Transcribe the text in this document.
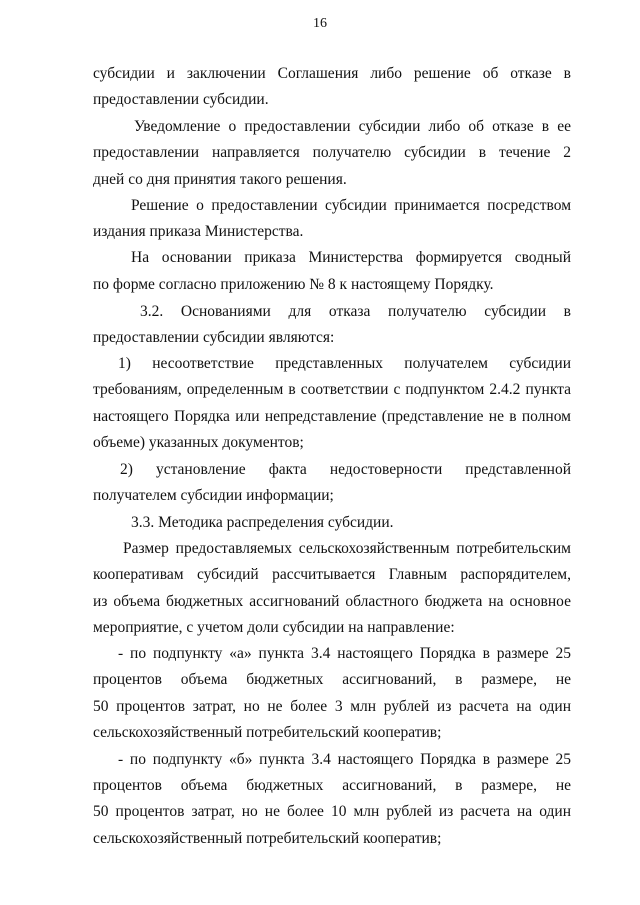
16
субсидии и заключении Соглашения либо решение об отказе в
предоставлении субсидии.
Уведомление о предоставлении субсидии либо об отказе в ее
предоставлении направляется получателю субсидии в течение 2
дней со дня принятия такого решения.
Решение о предоставлении субсидии принимается посредством
издания приказа Министерства.
На основании приказа Министерства формируется сводный
по форме согласно приложению № 8 к настоящему Порядку.
3.2. Основаниями для отказа получателю субсидии в
предоставлении субсидии являются:
1) несоответствие представленных получателем субсидии
требованиям, определенным в соответствии с подпунктом 2.4.2 пункта
настоящего Порядка или непредставление (представление не в полном
объеме) указанных документов;
2) установление факта недостоверности представленной
получателем субсидии информации;
3.3. Методика распределения субсидии.
Размер предоставляемых сельскохозяйственным потребительским
кооперативам субсидий рассчитывается Главным распорядителем,
из объема бюджетных ассигнований областного бюджета на основное
мероприятие, с учетом доли субсидии на направление:
- по подпункту «а» пункта 3.4 настоящего Порядка в размере 25
процентов объема бюджетных ассигнований, в размере, не
50 процентов затрат, но не более 3 млн рублей из расчета на один
сельскохозяйственный потребительский кооператив;
- по подпункту «б» пункта 3.4 настоящего Порядка в размере 25
процентов объема бюджетных ассигнований, в размере, не
50 процентов затрат, но не более 10 млн рублей из расчета на один
сельскохозяйственный потребительский кооператив;
